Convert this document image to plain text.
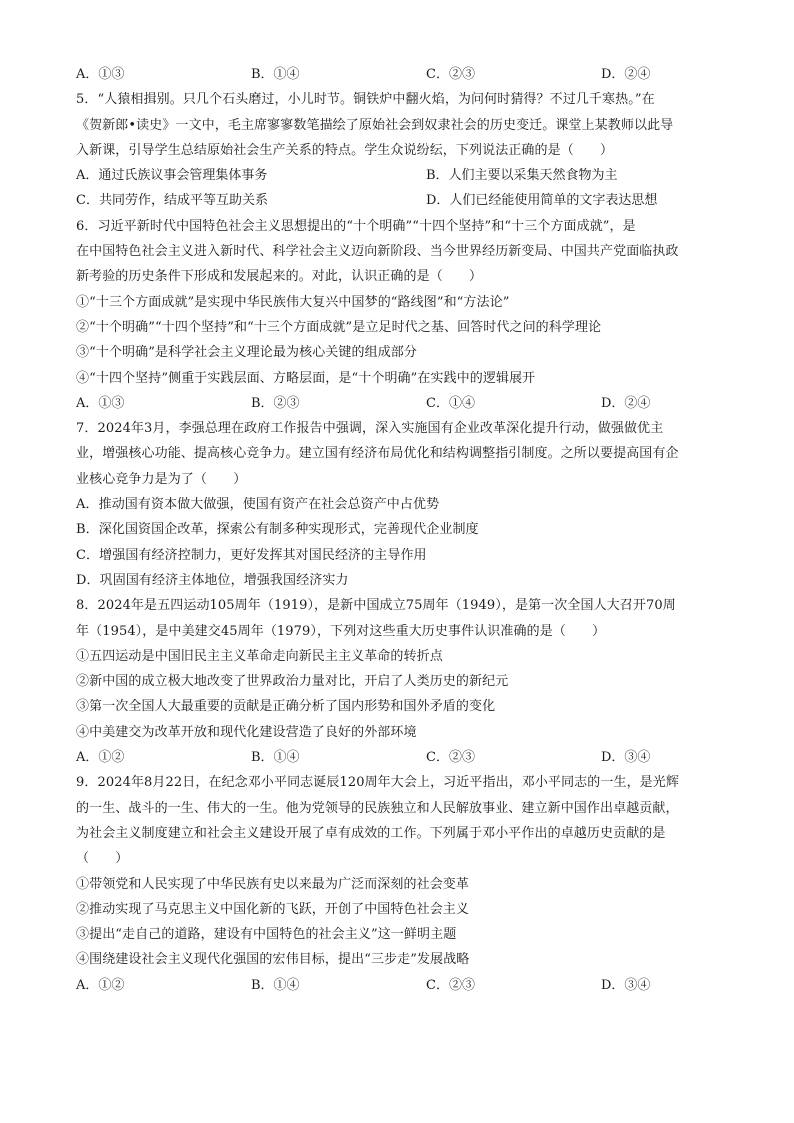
A．①③	B．①④	C．②③	D．②④
5．“人猿相揖别。只几个石头磨过，小儿时节。铜铁炉中翻火焰，为问何时猜得？不过几千寒热。”在
《贺新郎•读史》一文中，毛主席寥寥数笔描绘了原始社会到奴隶社会的历史变迁。课堂上某教师以此导
入新课，引导学生总结原始社会生产关系的特点。学生众说纷纭，下列说法正确的是（　　）
A．通过氏族议事会管理集体事务	B．人们主要以采集天然食物为主
C．共同劳作，结成平等互助关系	D．人们已经能使用简单的文字表达思想
6．习近平新时代中国特色社会主义思想提出的“十个明确”“十四个坚持”和“十三个方面成就”，是
在中国特色社会主义进入新时代、科学社会主义迈向新阶段、当今世界经历新变局、中国共产党面临执政
新考验的历史条件下形成和发展起来的。对此，认识正确的是（　　）
①“十三个方面成就”是实现中华民族伟大复兴中国梦的“路线图”和“方法论”
②“十个明确”“十四个坚持”和“十三个方面成就”是立足时代之基、回答时代之问的科学理论
③“十个明确”是科学社会主义理论最为核心关键的组成部分
④“十四个坚持”侧重于实践层面、方略层面，是“十个明确”在实践中的逻辑展开
A．①③	B．②③	C．①④	D．②④
7．2024年3月，李强总理在政府工作报告中强调，深入实施国有企业改革深化提升行动，做强做优主
业，增强核心功能、提高核心竞争力。建立国有经济布局优化和结构调整指引制度。之所以要提高国有企
业核心竞争力是为了（　　）
A．推动国有资本做大做强，使国有资产在社会总资产中占优势
B．深化国资国企改革，探索公有制多种实现形式，完善现代企业制度
C．增强国有经济控制力，更好发挥其对国民经济的主导作用
D．巩固国有经济主体地位，增强我国经济实力
8．2024年是五四运动105周年（1919），是新中国成立75周年（1949），是第一次全国人大召开70周
年（1954），是中美建交45周年（1979），下列对这些重大历史事件认识准确的是（　　）
①五四运动是中国旧民主主义革命走向新民主主义革命的转折点
②新中国的成立极大地改变了世界政治力量对比，开启了人类历史的新纪元
③第一次全国人大最重要的贡献是正确分析了国内形势和国外矛盾的变化
④中美建交为改革开放和现代化建设营造了良好的外部环境
A．①②	B．①④	C．②③	D．③④
9．2024年8月22日，在纪念邓小平同志诞辰120周年大会上，习近平指出，邓小平同志的一生，是光辉
的一生、战斗的一生、伟大的一生。他为党领导的民族独立和人民解放事业、建立新中国作出卓越贡献，
为社会主义制度建立和社会主义建设开展了卓有成效的工作。下列属于邓小平作出的卓越历史贡献的是
（　　）
①带领党和人民实现了中华民族有史以来最为广泛而深刻的社会变革
②推动实现了马克思主义中国化新的飞跃，开创了中国特色社会主义
③提出“走自己的道路，建设有中国特色的社会主义”这一鲜明主题
④围绕建设社会主义现代化强国的宏伟目标，提出“三步走”发展战略
A．①②	B．①④	C．②③	D．③④
